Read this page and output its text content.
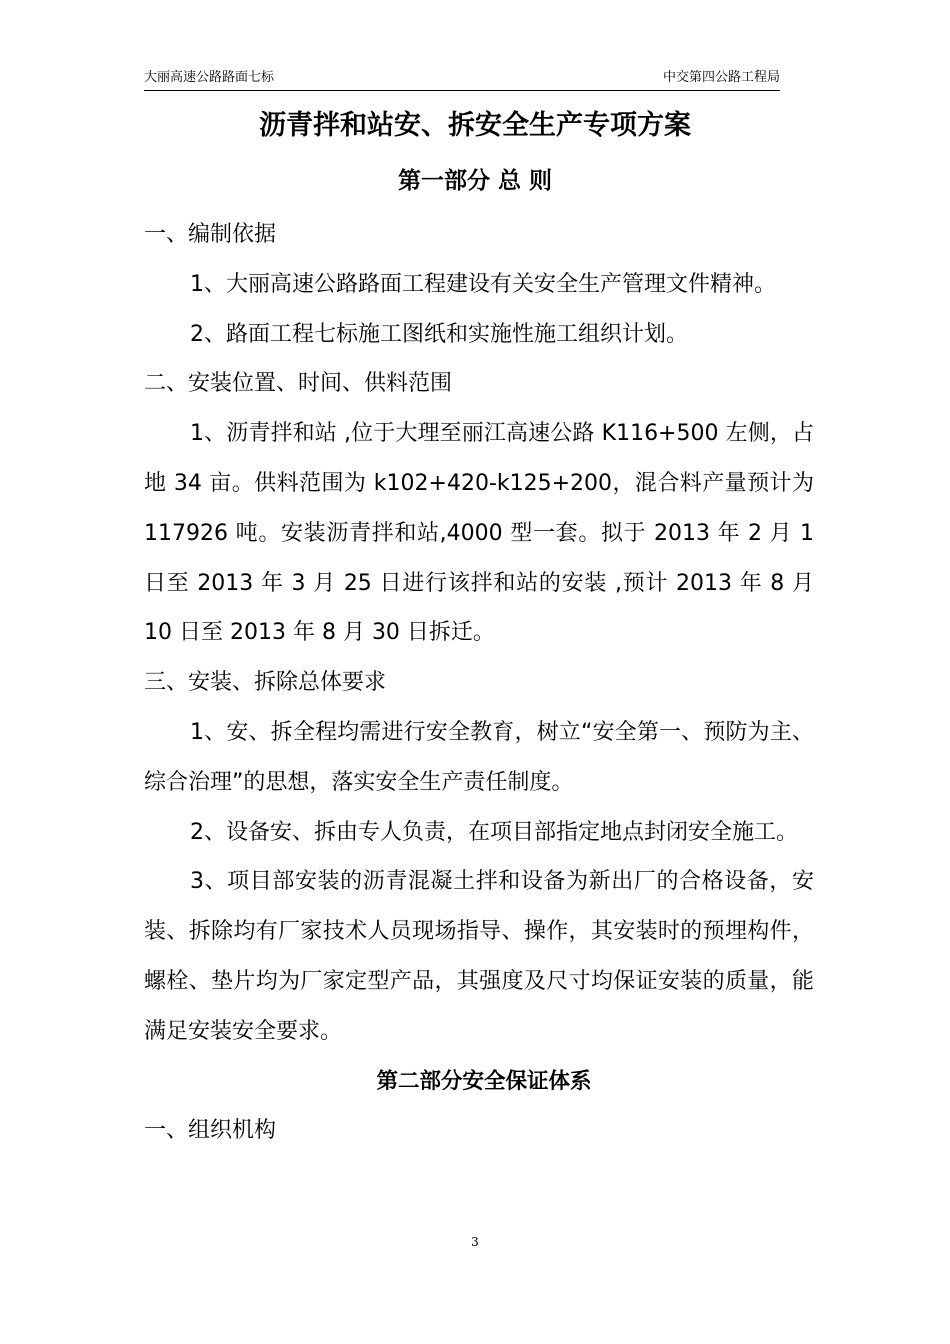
大丽高速公路路面七标	中交第四公路工程局
沥青拌和站安、拆安全生产专项方案
第一部分 总 则

一、编制依据

1、大丽高速公路路面工程建设有关安全生产管理文件精神。

2、路面工程七标施工图纸和实施性施工组织计划。

二、安装位置、时间、供料范围

1、沥青拌和站 ,位于大理至丽江高速公路 K116+500 左侧，占地 34 亩。供料范围为 k102+420-k125+200，混合料产量预计为 117926 吨。安装沥青拌和站,4000 型一套。拟于 2013 年 2 月 1 日至 2013 年 3 月 25 日进行该拌和站的安装 ,预计 2013 年 8 月 10 日至 2013 年 8 月 30 日拆迁。

三、安装、拆除总体要求

1、安、拆全程均需进行安全教育，树立“安全第一、预防为主、综合治理”的思想，落实安全生产责任制度。

2、设备安、拆由专人负责，在项目部指定地点封闭安全施工。

3、项目部安装的沥青混凝土拌和设备为新出厂的合格设备，安装、拆除均有厂家技术人员现场指导、操作，其安装时的预埋构件，螺栓、垫片均为厂家定型产品，其强度及尺寸均保证安装的质量，能满足安装安全要求。

第二部分安全保证体系

一、组织机构

3
